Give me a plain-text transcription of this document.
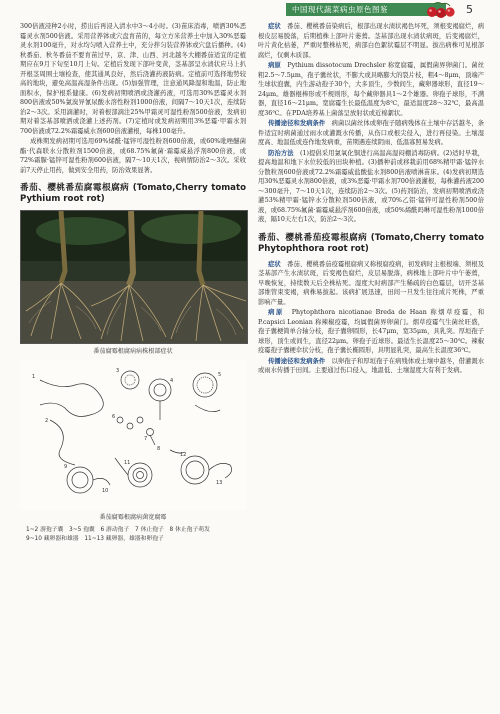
中国现代蔬菜病虫原色图鉴	5

300倍液浸种2小时，捞出后再浸入清水中3～4小时。(3)苗床消毒，喷洒30%恶霉灵水剂500倍液。采用营养钵或穴盘育苗的，每立方米营养土中加入30%恶霉灵水剂100毫升，对水均匀喷入营养土中，充分拌匀装营养钵或穴盘后播种。(4)秋番茄、秋冬番茄不要育苗过早，京、津、山西、河北越冬大棚番茄适宜的定植期应在9月下旬至10月上旬。定植后发现下部叶变黄，茎基部呈水渍状应马上扒开根茎周围土壤检查，使其通风良好，然后浇灌药液防病。定植前可选择地势较高的地块，避免高温高湿条件出现。(5)加强管理，注意通风降湿和地温，防止地面积水，保护根系健康。(6)发病初期喷洒或浇灌药液，可选用30%恶霉灵水剂800倍液或50%氯溴异氰尿酸水溶性粉剂1000倍液，间隔7～10天1次，连续防治2～3次。采用滴灌时，对着根部滴注25%甲霜灵可湿性粉剂500倍液，发病初期对着茎基部喷洒或浇灌上述药剂。(7)定植时或发病初期用3%恶霉·甲霜水剂700倍液或72.2%霜霉威水剂600倍液灌根，每株100毫升。

成株期发病初期可选用69%烯酰·锰锌可湿性粉剂600倍液，或60%吡唑醚菌酯·代森联水分散粒剂1500倍液，或68.75%氟菌·霜霉威悬浮剂800倍液，或72%霜脲·锰锌可湿性粉剂600倍液，隔7～10天1次，视病情防治2～3次。采收前7天停止用药，做到安全用药，防治效果显著。

番茄、樱桃番茄腐霉根腐病 (Tomato,Cherry tomato Pythium root rot)
番茄腐霉根腐病病株根部症状
1
2
3
4
5
6
7
8
9
10
11
12
13
番茄腐霉根腐病菌宽腐霉

1~2 游孢子囊　3~5 孢囊　6 游动孢子　7 休止孢子　8 休止孢子萌发

9~10 藏卵器和雄器　11~13 藏卵器，雄器和卵孢子

症状　 番茄、樱桃番茄染病后，根部出现水渍状褐色坏死，须根变褐腐烂，病根皮层易脱落，后期植株上部叶片萎蔫。茎基部出现水渍状病斑，后变褐腐烂，叶片黄化枯萎，严重时整株枯死，病部白色絮状霉层不明显。拔出病株可见根部腐烂，仅剩木质部。

病原　 Pythium dissotocum Drechsler 称宽腐霉，属假菌界卵菌门。菌丝粗2.5～7.5μm，孢子囊丝状，不膨大或具略膨大的裂片枝，粗4～8μm，顶端产生球状泡囊，内生游动孢子30个，大多顶生，少数间生，藏卵器球形，直径19～24μm。雄器棍棒形或不规则形，每个藏卵器具1～2个雄器。卵孢子球形，不满器，直径16～21μm。宽腐霉生长最低温度为8℃，最适温度28～32℃，最高温度36℃。在PDA培养基上菌落呈放射状或近棉絮状。

传播途径和发病条件　 病菌以菌丝体或卵孢子随病残体在土壤中存活越冬，条件适宜时病菌通过雨水或灌溉水传播，从伤口或根尖侵入，进行再侵染。土壤湿度高、地温低或连作地发病重，苗期遇连续阴雨、低温寡照易发病。

防治方法　 (1)提倡采用氯氧化铜进行高温高湿闷棚消毒防病。(2)适时早栽，提高地温和地下水位较低的田块种植。(3)播种前或移栽前用68%精甲霜·锰锌水分散粒剂600倍液或72.2%霜霉威盐酸盐水剂800倍液喷淋苗床。(4)发病初期选用30%恶霉灵水剂800倍液，或3%恶霉·甲霜水剂700倍液灌根，每株灌药液200～300毫升，7～10天1次，连续防治2～3次。(5)药剂防治，发病初期喷洒或浇灌53%精甲霜·锰锌水分散粒剂500倍液，或70%乙铝·锰锌可湿性粉剂500倍液，或68.75%氟菌·霜霉威悬浮剂600倍液，或50%烯酰吗啉可湿性粉剂1000倍液，隔10天左右1次，防治2～3次。

番茄、樱桃番茄疫霉根腐病 (Tomato,Cherry tomato Phytophthora root rot)

症状　 番茄、樱桃番茄疫霉根腐病又称根腐疫病，初发病时主根根端、须根及茎基部产生水渍状斑，后变褐色腐烂，皮层易脱落，病株地上部叶片中午萎蔫，早晚恢复，持续数天后全株枯死。湿度大时病部产生稀疏的白色霉层，切开茎基部维管束变褐，病株易拔起。该病扩展迅速，田间一旦发生往往成片死株，严重影响产量。

病原　 Phytophthora nicotianae Breda de Haan 称烟草疫霉，和 P.capsici Leonian 称辣椒疫霉，均属假菌界卵菌门。烟草疫霉气生菌丝旺盛，孢子囊梗简单合轴分枝，孢子囊卵圆形，长47μm，宽35μm，具乳突。厚垣孢子球形，顶生或间生，直径22μm。卵孢子近球形。最适生长温度25～30℃。辣椒疫霉孢子囊梗伞状分枝，孢子囊长椭圆形，具明显乳突，最高生长温度36℃。

传播途径和发病条件　 以卵孢子和厚垣孢子在病残体或土壤中越冬，借灌溉水或雨水传播于田间。主要通过伤口侵入，地温低、土壤湿度大有利于发病。
